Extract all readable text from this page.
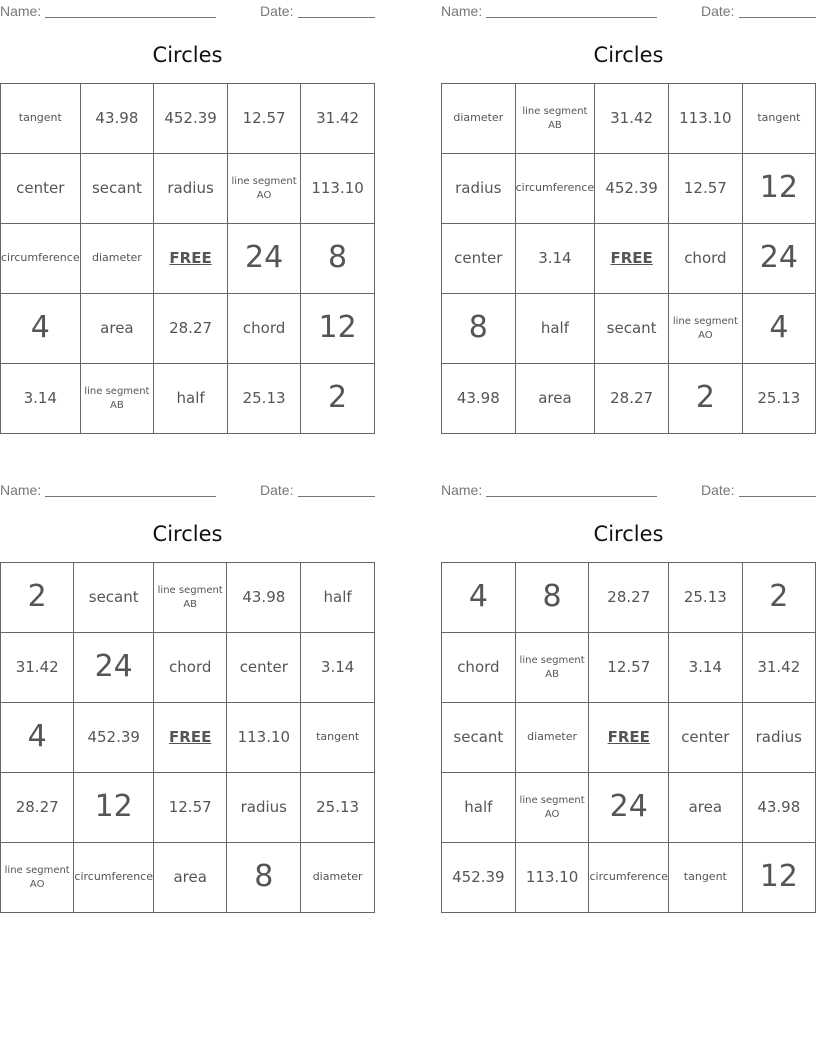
Name:	Date:
Circles
tangent	43.98	452.39	12.57	31.42
center	secant	radius	line segment AO	113.10
circumference	diameter	FREE	24	8
4	area	28.27	chord	12
3.14	line segment AB	half	25.13	2
Name:	Date:
Circles
diameter	line segment AB	31.42	113.10	tangent
radius	circumference	452.39	12.57	12
center	3.14	FREE	chord	24
8	half	secant	line segment AO	4
43.98	area	28.27	2	25.13
Name:	Date:
Circles
2	secant	line segment AB	43.98	half
31.42	24	chord	center	3.14
4	452.39	FREE	113.10	tangent
28.27	12	12.57	radius	25.13
line segment AO	circumference	area	8	diameter
Name:	Date:
Circles
4	8	28.27	25.13	2
chord	line segment AB	12.57	3.14	31.42
secant	diameter	FREE	center	radius
half	line segment AO	24	area	43.98
452.39	113.10	circumference	tangent	12
